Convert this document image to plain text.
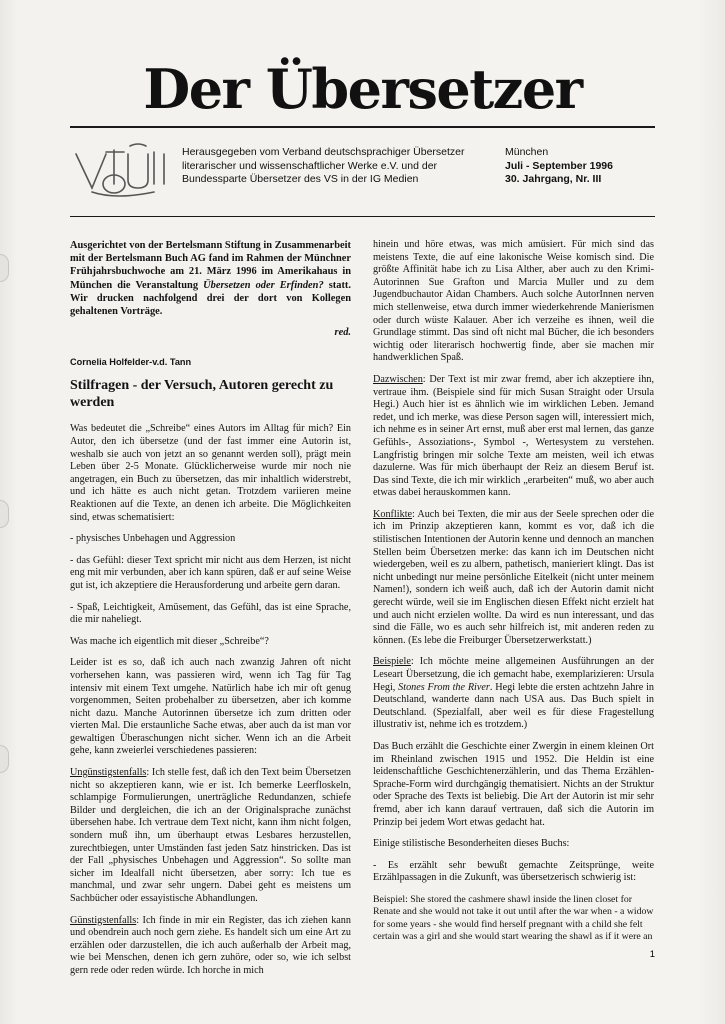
Der Übersetzer
Herausgegeben vom Verband deutschsprachiger Übersetzer
literarischer und wissenschaftlicher Werke e.V. und der
Bundessparte Übersetzer des VS in der IG Medien
München
Juli - September 1996
30. Jahrgang, Nr. III

Ausgerichtet von der Bertelsmann Stiftung in Zusammenarbeit mit der Bertelsmann Buch AG fand im Rahmen der Münchner Frühjahrsbuchwoche am 21. März 1996 im Amerikahaus in München die Veranstaltung Übersetzen oder Erfinden? statt. Wir drucken nachfolgend drei der dort von Kollegen gehaltenen Vorträge.

red.
Cornelia Holfelder-v.d. Tann
Stilfragen - der Versuch, Autoren gerecht zu werden

Was bedeutet die „Schreibe“ eines Autors im Alltag für mich? Ein Autor, den ich übersetze (und der fast immer eine Autorin ist, weshalb sie auch von jetzt an so genannt werden soll), prägt mein Leben über 2-5 Monate. Glücklicherweise wurde mir noch nie angetragen, ein Buch zu übersetzen, das mir inhaltlich widerstrebt, und ich hätte es auch nicht getan. Trotzdem variieren meine Reaktionen auf die Texte, an denen ich arbeite. Die Möglichkeiten sind, etwas schematisiert:

- physisches Unbehagen und Aggression

- das Gefühl: dieser Text spricht mir nicht aus dem Herzen, ist nicht eng mit mir verbunden, aber ich kann spüren, daß er auf seine Weise gut ist, ich akzeptiere die Herausforderung und arbeite gern daran.

- Spaß, Leichtigkeit, Amüsement, das Gefühl, das ist eine Sprache, die mir naheliegt.

Was mache ich eigentlich mit dieser „Schreibe“?

Leider ist es so, daß ich auch nach zwanzig Jahren oft nicht vorhersehen kann, was passieren wird, wenn ich Tag für Tag intensiv mit einem Text umgehe. Natürlich habe ich mir oft genug vorgenommen, Seiten probehalber zu übersetzen, aber ich komme nicht dazu. Manche Autorinnen übersetze ich zum dritten oder vierten Mal. Die erstaunliche Sache etwas, aber auch da ist man vor gewaltigen Überaschungen nicht sicher. Wenn ich an die Arbeit gehe, kann zweierlei verschiedenes passieren:

Ungünstigstenfalls: Ich stelle fest, daß ich den Text beim Übersetzen nicht so akzeptieren kann, wie er ist. Ich bemerke Leerfloskeln, schlampige Formulierungen, unerträgliche Redundanzen, schiefe Bilder und dergleichen, die ich an der Originalsprache zunächst übersehen habe. Ich vertraue dem Text nicht, kann ihm nicht folgen, sondern muß ihn, um überhaupt etwas Lesbares herzustellen, zurechtbiegen, unter Umständen fast jeden Satz hinstricken. Das ist der Fall „physisches Unbehagen und Aggression“. So sollte man sicher im Idealfall nicht übersetzen, aber sorry: Ich tue es manchmal, und zwar sehr ungern. Dabei geht es meistens um Sachbücher oder essayistische Abhandlungen.

Günstigstenfalls: Ich finde in mir ein Register, das ich ziehen kann und obendrein auch noch gern ziehe. Es handelt sich um eine Art zu erzählen oder darzustellen, die ich auch außerhalb der Arbeit mag, wie bei Menschen, denen ich gern zuhöre, oder so, wie ich selbst gern rede oder reden würde. Ich horche in mich

hinein und höre etwas, was mich amüsiert. Für mich sind das meistens Texte, die auf eine lakonische Weise komisch sind. Die größte Affinität habe ich zu Lisa Alther, aber auch zu den Krimi-Autorinnen Sue Grafton und Marcia Muller und zu dem Jugendbuchautor Aidan Chambers. Auch solche AutorInnen nerven mich stellenweise, etwa durch immer wiederkehrende Manierismen oder durch wüste Kalauer. Aber ich verzeihe es ihnen, weil die Grundlage stimmt. Das sind oft nicht mal Bücher, die ich besonders wichtig oder literarisch hochwertig finde, aber sie machen mir handwerklichen Spaß.

Dazwischen: Der Text ist mir zwar fremd, aber ich akzeptiere ihn, vertraue ihm. (Beispiele sind für mich Susan Straight oder Ursula Hegi.) Auch hier ist es ähnlich wie im wirklichen Leben. Jemand redet, und ich merke, was diese Person sagen will, interessiert mich, ich nehme es in seiner Art ernst, muß aber erst mal lernen, das ganze Gefühls-, Assoziations-, Symbol -, Wertesystem zu verstehen. Langfristig bringen mir solche Texte am meisten, weil ich etwas dazulerne. Was für mich überhaupt der Reiz an diesem Beruf ist. Das sind Texte, die ich mir wirklich „erarbeiten“ muß, wo aber auch etwas dabei herauskommen kann.

Konflikte: Auch bei Texten, die mir aus der Seele sprechen oder die ich im Prinzip akzeptieren kann, kommt es vor, daß ich die stilistischen Intentionen der Autorin kenne und dennoch an manchen Stellen beim Übersetzen merke: das kann ich im Deutschen nicht wiedergeben, weil es zu albern, pathetisch, manieriert klingt. Das ist nicht unbedingt nur meine persönliche Eitelkeit (nicht unter meinem Namen!), sondern ich weiß auch, daß ich der Autorin damit nicht gerecht würde, weil sie im Englischen diesen Effekt nicht erzielt hat und auch nicht erzielen wollte. Da wird es nun interessant, und das sind die Fälle, wo es auch sehr hilfreich ist, mit anderen reden zu können. (Es lebe die Freiburger Übersetzerwerkstatt.)

Beispiele: Ich möchte meine allgemeinen Ausführungen an der Leseart Übersetzung, die ich gemacht habe, exemplarizieren: Ursula Hegi, Stones From the River. Hegi lebte die ersten achtzehn Jahre in Deutschland, wanderte dann nach USA aus. Das Buch spielt in Deutschland. (Spezialfall, aber weil es für diese Fragestellung illustrativ ist, nehme ich es trotzdem.)

Das Buch erzählt die Geschichte einer Zwergin in einem kleinen Ort im Rheinland zwischen 1915 und 1952. Die Heldin ist eine leidenschaftliche Geschichtenerzählerin, und das Thema Erzählen-Sprache-Form wird durchgängig thematisiert. Nichts an der Struktur oder Sprache des Texts ist beliebig. Die Art der Autorin ist mir sehr fremd, aber ich kann darauf vertrauen, daß sich die Autorin im Prinzip bei jedem Wort etwas gedacht hat.

Einige stilistische Besonderheiten dieses Buchs:

- Es erzählt sehr bewußt gemachte Zeitsprünge, weite Erzählpassagen in die Zukunft, was übersetzerisch schwierig ist:

Beispiel: She stored the cashmere shawl inside the linen closet for Renate and she would not take it out until after the war when - a widow for some years - she would find herself pregnant with a child she felt certain was a girl and she would start wearing the shawl as if it were an

1
